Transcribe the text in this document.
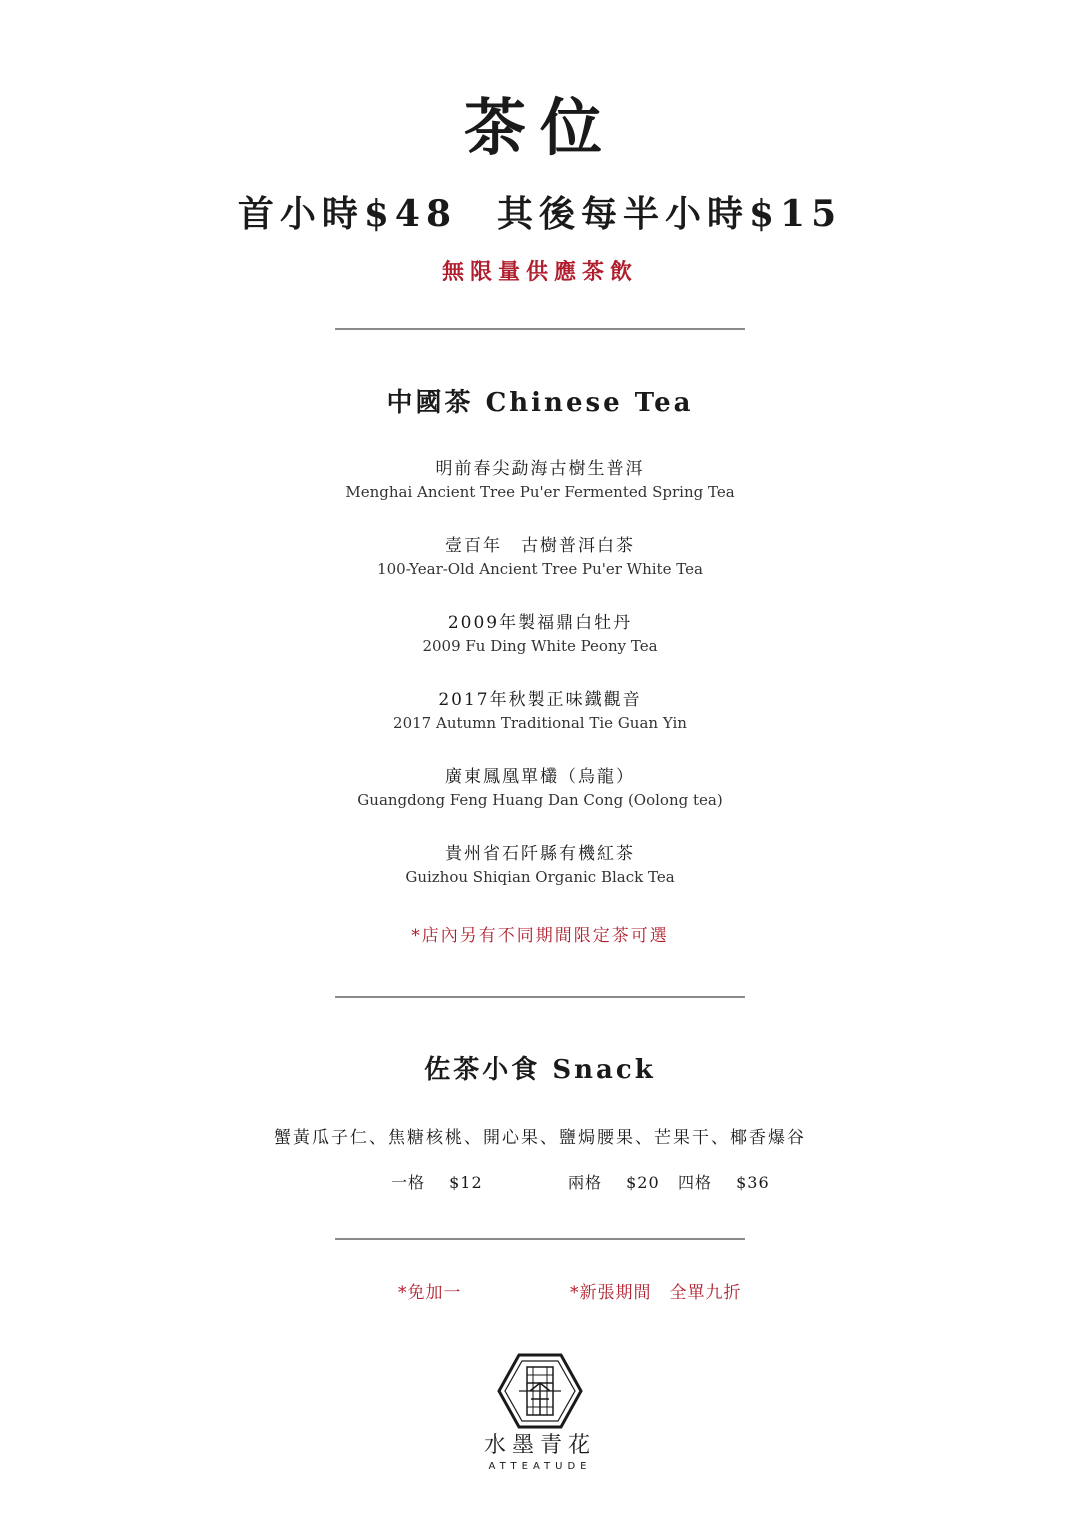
茶位
首小時$48 其後每半小時$15
無限量供應茶飲
中國茶 Chinese Tea
明前春尖勐海古樹生普洱
Menghai Ancient Tree Pu'er Fermented Spring Tea
壹百年　古樹普洱白茶
100-Year-Old Ancient Tree Pu'er White Tea
2009年製福鼎白牡丹
2009 Fu Ding White Peony Tea
2017年秋製正味鐵觀音
2017 Autumn Traditional Tie Guan Yin
廣東鳳凰單欉（烏龍）
Guangdong Feng Huang Dan Cong (Oolong tea)
貴州省石阡縣有機紅茶
Guizhou Shiqian Organic Black Tea
*店內另有不同期間限定茶可選
佐茶小食 Snack
蟹黃瓜子仁、焦糖核桃、開心果、鹽焗腰果、芒果干、椰香爆谷
一格 $12	兩格 $20 四格 $36
*免加一	*新張期間　全單九折
水墨青花
ATTEATUDE
